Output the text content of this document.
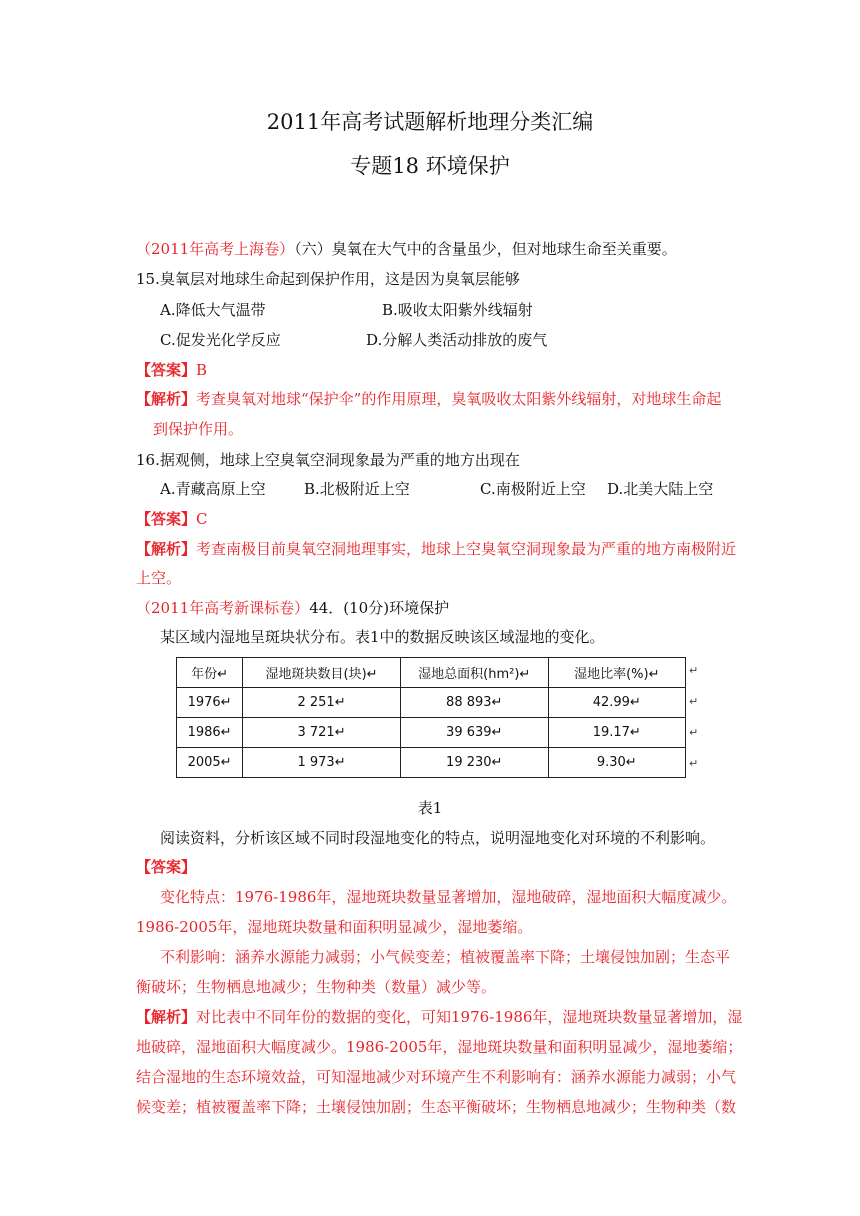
2011年高考试题解析地理分类汇编
专题18 环境保护
（2011年高考上海卷）（六）臭氧在大气中的含量虽少，但对地球生命至关重要。
15.臭氧层对地球生命起到保护作用，这是因为臭氧层能够
A.降低大气温带	B.吸收太阳紫外线辐射
C.促发光化学反应	D.分解人类活动排放的废气
【答案】B
【解析】考查臭氧对地球“保护伞”的作用原理，臭氧吸收太阳紫外线辐射，对地球生命起
到保护作用。
16.据观侧，地球上空臭氧空洞现象最为严重的地方出现在
A.青藏高原上空	B.北极附近上空	C.南极附近上空 D.北美大陆上空
【答案】C
【解析】考查南极目前臭氧空洞地理事实，地球上空臭氧空洞现象最为严重的地方南极附近
上空。
（2011年高考新课标卷）44．(10分)环境保护
某区域内湿地呈斑块状分布。表1中的数据反映该区域湿地的变化。
年份↵	湿地斑块数目(块)↵	湿地总面积(hm²)↵	湿地比率(%)↵
1976↵	2 251↵	88 893↵	42.99↵
1986↵	3 721↵	39 639↵	19.17↵
2005↵	1 973↵	19 230↵	9.30↵
↵
↵
↵
↵
表1
阅读资料，分析该区域不同时段湿地变化的特点，说明湿地变化对环境的不利影响。
【答案】
变化特点：1976-1986年，湿地斑块数量显著增加，湿地破碎，湿地面积大幅度减少。
1986-2005年，湿地斑块数量和面积明显减少，湿地萎缩。
不利影响：涵养水源能力减弱；小气候变差；植被覆盖率下降；土壤侵蚀加剧；生态平
衡破坏；生物栖息地减少；生物种类（数量）减少等。
【解析】对比表中不同年份的数据的变化，可知1976-1986年，湿地斑块数量显著增加，湿
地破碎，湿地面积大幅度减少。1986-2005年，湿地斑块数量和面积明显减少，湿地萎缩；
结合湿地的生态环境效益，可知湿地减少对环境产生不利影响有：涵养水源能力减弱；小气
候变差；植被覆盖率下降；土壤侵蚀加剧；生态平衡破坏；生物栖息地减少；生物种类（数
